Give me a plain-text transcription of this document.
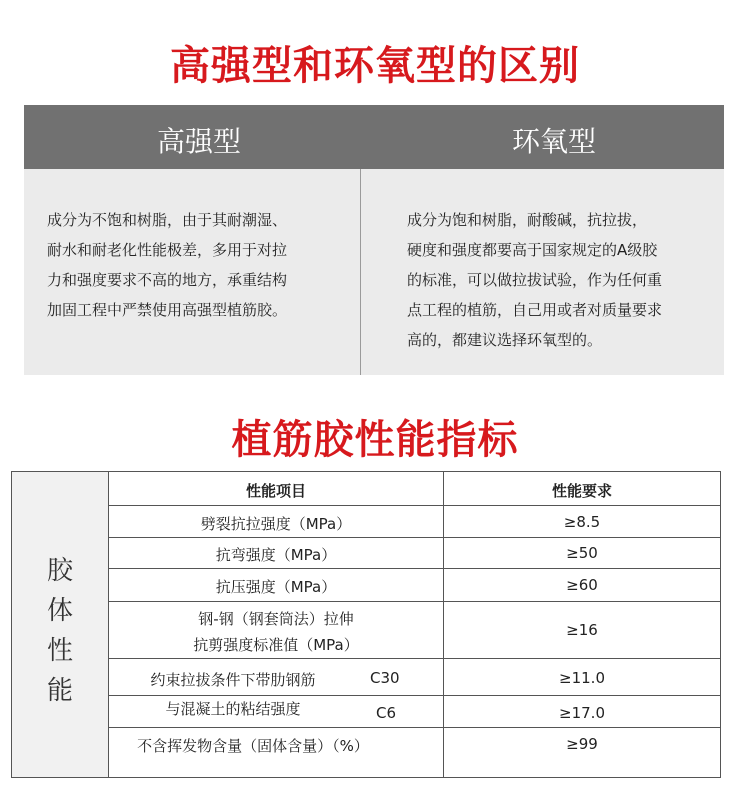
高强型和环氧型的区别
高强型	环氧型
成分为不饱和树脂，由于其耐潮湿、
耐水和耐老化性能极差，多用于对拉
力和强度要求不高的地方，承重结构
加固工程中严禁使用高强型植筋胶。
成分为饱和树脂，耐酸碱，抗拉拔，
硬度和强度都要高于国家规定的A级胶
的标准，可以做拉拔试验，作为任何重
点工程的植筋，自己用或者对质量要求
高的，都建议选择环氧型的。
植筋胶性能指标
胶
体
性
能
性能项目	性能要求
劈裂抗拉强度（MPa）	≥8.5
抗弯强度（MPa）	≥50
抗压强度（MPa）	≥60
钢-钢（钢套筒法）拉伸
抗剪强度标准值（MPa）
≥16
约束拉拔条件下带肋钢筋	C30	≥11.0
与混凝土的粘结强度	C6	≥17.0
不含挥发物含量（固体含量）（%）	≥99
